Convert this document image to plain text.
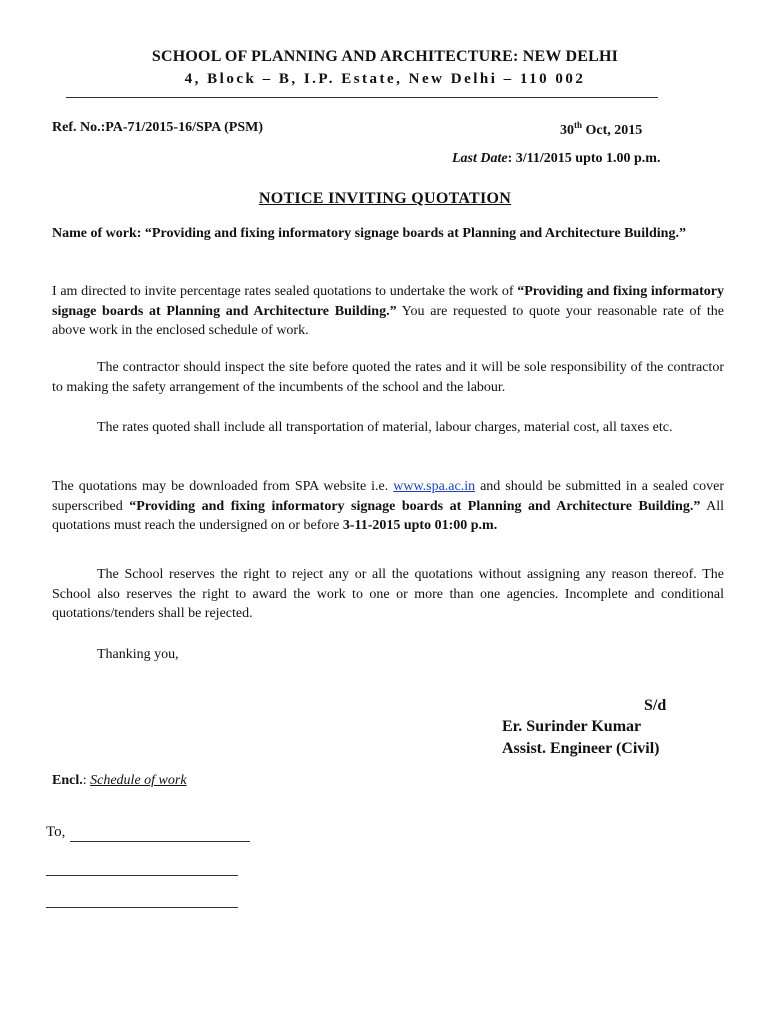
SCHOOL OF PLANNING AND ARCHITECTURE: NEW DELHI
4, Block – B, I.P. Estate, New Delhi – 110 002
Ref. No.:PA-71/2015-16/SPA (PSM)	30th Oct, 2015
Last Date: 3/11/2015 upto 1.00 p.m.
NOTICE INVITING QUOTATION
Name of work: “Providing and fixing informatory signage boards at Planning and Architecture Building.”
I am directed to invite percentage rates sealed quotations to undertake the work of “Providing and fixing informatory signage boards at Planning and Architecture Building.” You are requested to quote your reasonable rate of the above work in the enclosed schedule of work.
The contractor should inspect the site before quoted the rates and it will be sole responsibility of the contractor to making the safety arrangement of the incumbents of the school and the labour.
The rates quoted shall include all transportation of material, labour charges, material cost, all taxes etc.
The quotations may be downloaded from SPA website i.e. www.spa.ac.in and should be submitted in a sealed cover superscribed “Providing and fixing informatory signage boards at Planning and Architecture Building.” All quotations must reach the undersigned on or before 3-11-2015 upto 01:00 p.m.
The School reserves the right to reject any or all the quotations without assigning any reason thereof. The School also reserves the right to award the work to one or more than one agencies. Incomplete and conditional quotations/tenders shall be rejected.
Thanking you,
S/d
Er. Surinder Kumar
Assist. Engineer (Civil)
Encl.: Schedule of work
To,
